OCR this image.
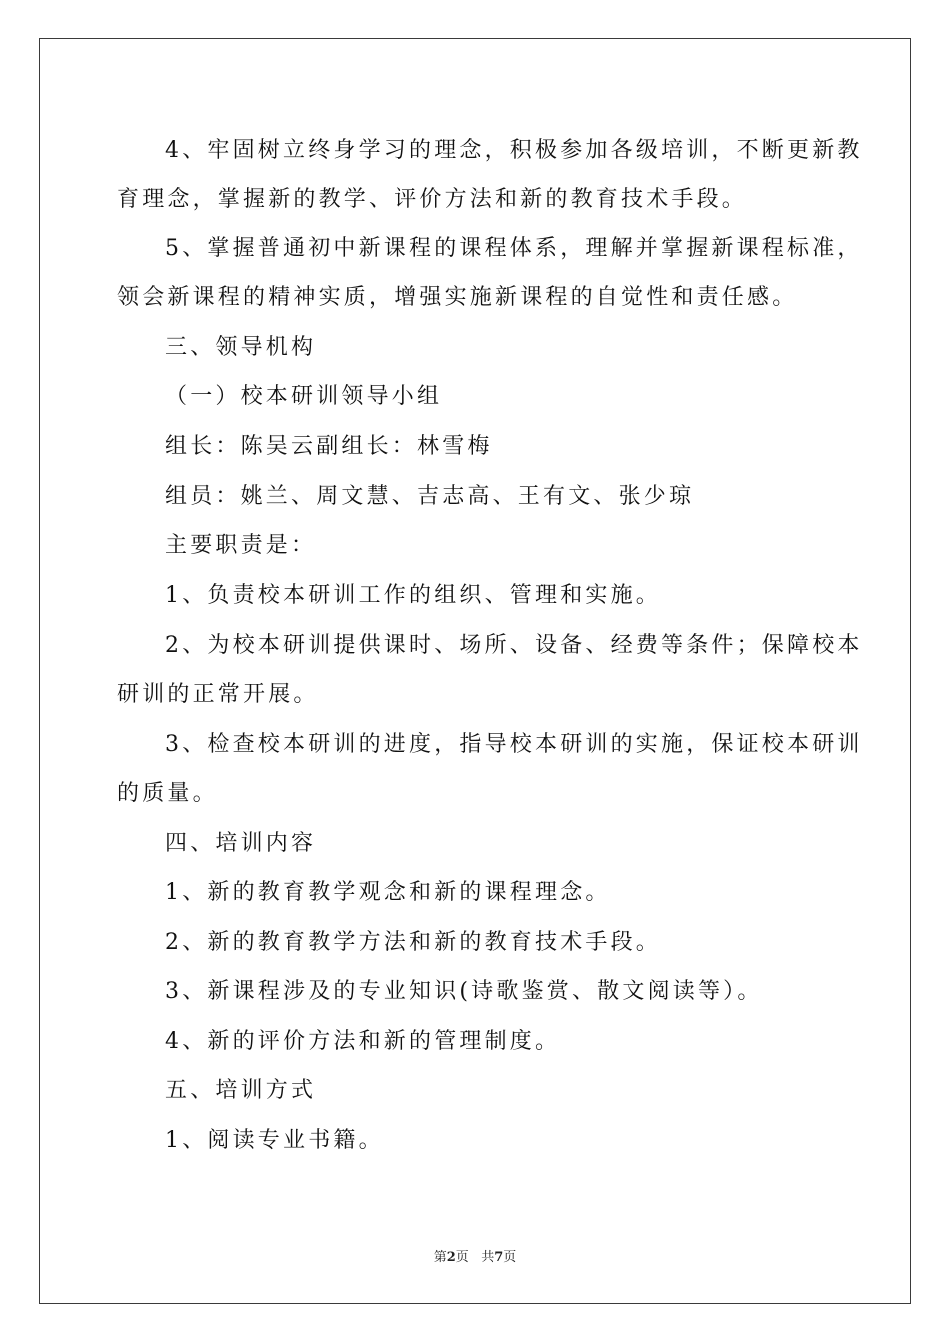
4、牢固树立终身学习的理念，积极参加各级培训，不断更新教
育理念，掌握新的教学、评价方法和新的教育技术手段。
5、掌握普通初中新课程的课程体系，理解并掌握新课程标准，
领会新课程的精神实质，增强实施新课程的自觉性和责任感。
三、领导机构
（一）校本研训领导小组
组长：陈吴云副组长：林雪梅
组员：姚兰、周文慧、吉志高、王有文、张少琼
主要职责是：
1、负责校本研训工作的组织、管理和实施。
2、为校本研训提供课时、场所、设备、经费等条件；保障校本
研训的正常开展。
3、检查校本研训的进度，指导校本研训的实施，保证校本研训
的质量。
四、培训内容
1、新的教育教学观念和新的课程理念。
2、新的教育教学方法和新的教育技术手段。
3、新课程涉及的专业知识(诗歌鉴赏、散文阅读等）。
4、新的评价方法和新的管理制度。
五、培训方式
1、阅读专业书籍。
第2页 共7页
